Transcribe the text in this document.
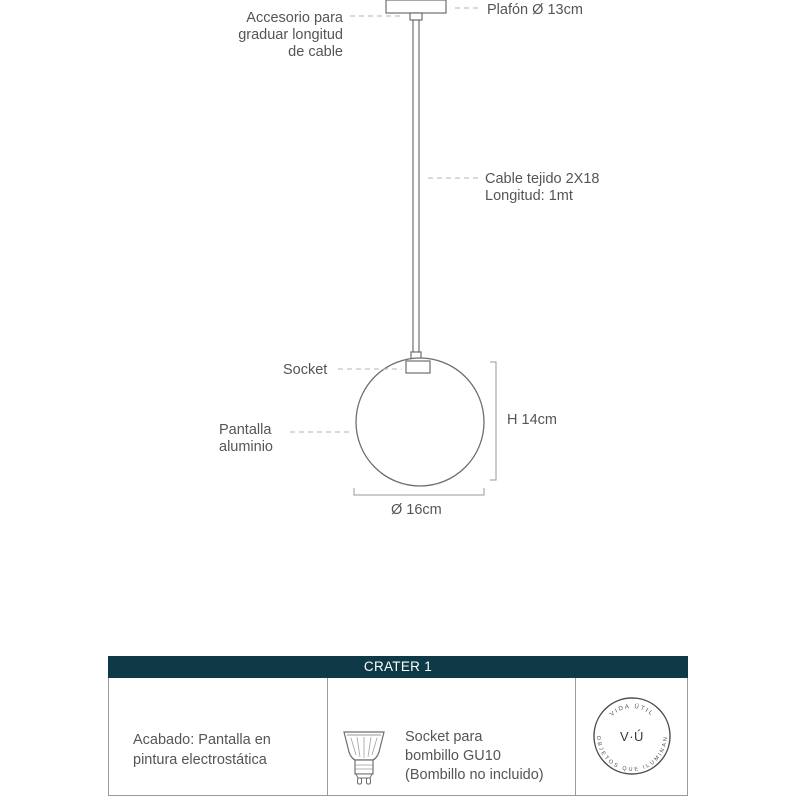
Plafón Ø 13cm
Accesorio para
graduar longitud
de cable
Cable tejido 2X18
Longitud: 1mt
Socket
Pantalla
aluminio
H 14cm
Ø 16cm
CRATER 1
Acabado: Pantalla en
pintura electrostática
Socket para
bombillo GU10
(Bombillo no incluido)
VIDA ÚTIL
OBJETOS QUE ILUMINAN
V·Ú
